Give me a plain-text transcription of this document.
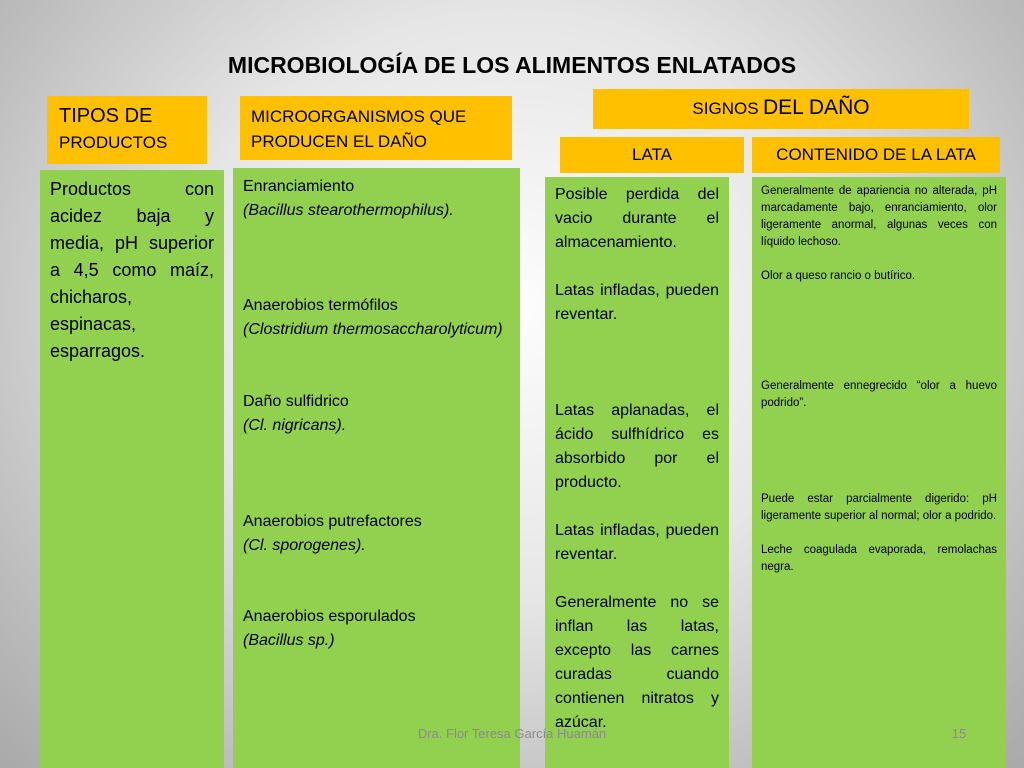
MICROBIOLOGÍA DE LOS ALIMENTOS ENLATADOS
TIPOS DE
PRODUCTOS
MICROORGANISMOS QUE PRODUCEN EL DAÑO
SIGNOS DEL DAÑO
LATA	CONTENIDO DE LA LATA

Productos con acidez baja y media, pH superior a 4,5 como maíz, chicharos, espinacas, esparragos.

Enranciamiento
(Bacillus stearothermophilus).
Anaerobios termófilos
(Clostridium thermosaccharolyticum)
Daño sulfidrico
(Cl. nigricans).
Anaerobios putrefactores
(Cl. sporogenes).
Anaerobios esporulados
(Bacillus sp.)

Posible perdida del vacio durante el almacenamiento.

Latas infladas, pueden reventar.

Latas aplanadas, el ácido sulfhídrico es absorbido por el producto.

Latas infladas, pueden reventar.

Generalmente no se inflan las latas, excepto las carnes curadas cuando contienen nitratos y azúcar.

Generalmente de apariencia no alterada, pH marcadamente bajo, enranciamiento, olor ligeramente anormal, algunas veces con líquido lechoso.

Olor a queso rancio o butírico.

Generalmente ennegrecido “olor a huevo podrido”.

Puede estar parcialmente digerido: pH ligeramente superior al normal; olor a podrido.

Leche coagulada evaporada, remolachas negra.

Dra. Flor Teresa García Huamán	15
